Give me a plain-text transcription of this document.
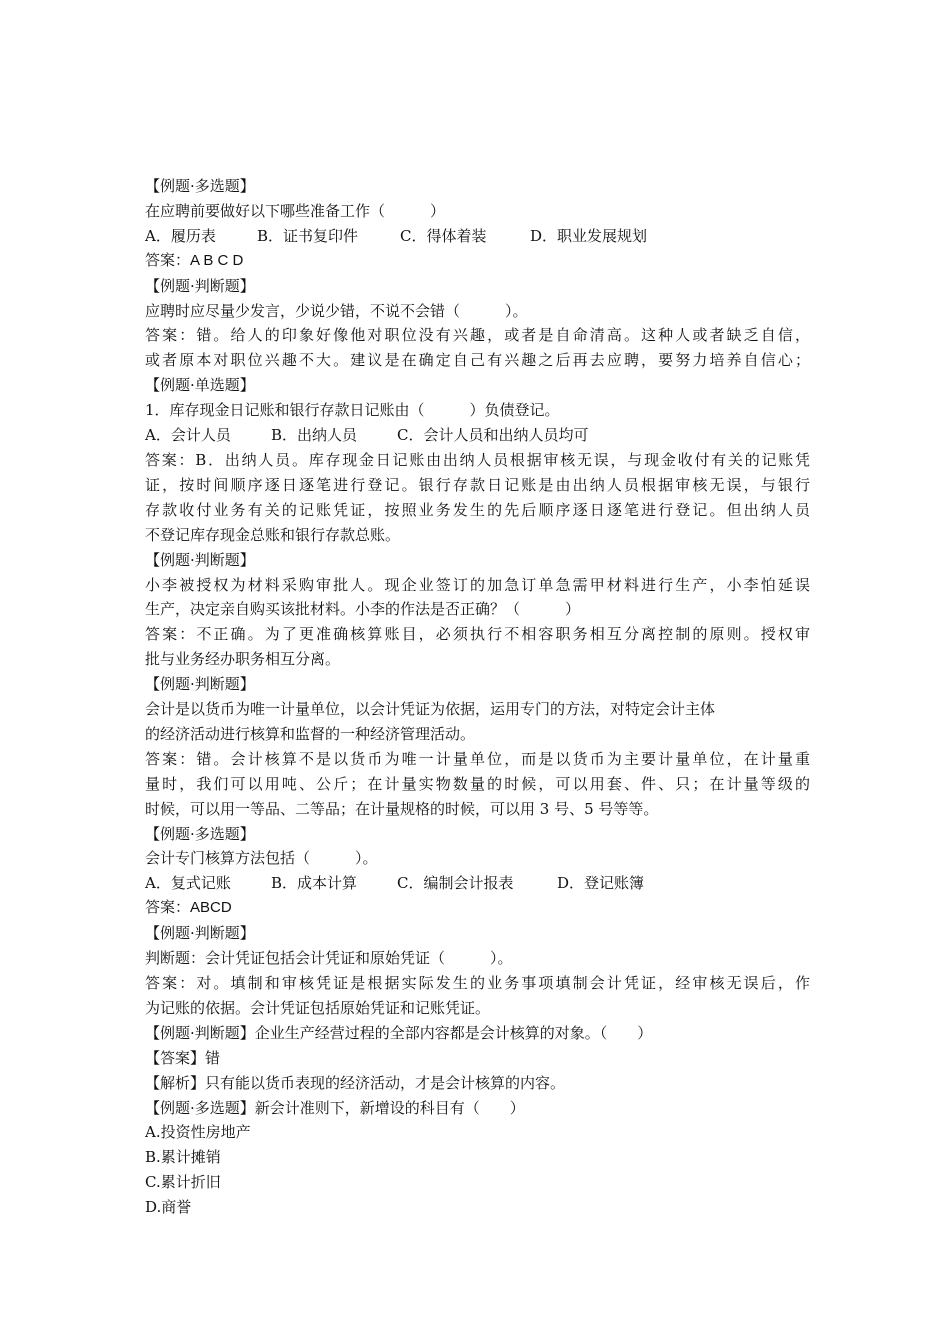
【例题·多选题】
在应聘前要做好以下哪些准备工作（　　　）
A．履历表	B．证书复印件	C．得体着装	D．职业发展规划
答案：A B C D
【例题·判断题】
应聘时应尽量少发言，少说少错，不说不会错（　　　）。
答案：错。给人的印象好像他对职位没有兴趣，或者是自命清高。这种人或者缺乏自信，
或者原本对职位兴趣不大。建议是在确定自己有兴趣之后再去应聘，要努力培养自信心；
【例题·单选题】
1．库存现金日记账和银行存款日记账由（　　　）负债登记。
A．会计人员	B．出纳人员	C．会计人员和出纳人员均可
答案：B．出纳人员。库存现金日记账由出纳人员根据审核无误，与现金收付有关的记账凭
证，按时间顺序逐日逐笔进行登记。银行存款日记账是由出纳人员根据审核无误，与银行
存款收付业务有关的记账凭证，按照业务发生的先后顺序逐日逐笔进行登记。但出纳人员
不登记库存现金总账和银行存款总账。
【例题·判断题】
小李被授权为材料采购审批人。现企业签订的加急订单急需甲材料进行生产，小李怕延误
生产，决定亲自购买该批材料。小李的作法是否正确？（　　　）
答案：不正确。为了更准确核算账目，必须执行不相容职务相互分离控制的原则。授权审
批与业务经办职务相互分离。
【例题·判断题】
会计是以货币为唯一计量单位，以会计凭证为依据，运用专门的方法，对特定会计主体
的经济活动进行核算和监督的一种经济管理活动。
答案：错。会计核算不是以货币为唯一计量单位，而是以货币为主要计量单位，在计量重
量时，我们可以用吨、公斤；在计量实物数量的时候，可以用套、件、只；在计量等级的
时候，可以用一等品、二等品；在计量规格的时候，可以用 3 号、5 号等等。
【例题·多选题】
会计专门核算方法包括（　　　）。
A．复式记账	B．成本计算	C．编制会计报表	D．登记账簿
答案：ABCD
【例题·判断题】
判断题：会计凭证包括会计凭证和原始凭证（　　　）。
答案：对。填制和审核凭证是根据实际发生的业务事项填制会计凭证，经审核无误后，作
为记账的依据。会计凭证包括原始凭证和记账凭证。
【例题·判断题】企业生产经营过程的全部内容都是会计核算的对象。（　　）
【答案】错
【解析】只有能以货币表现的经济活动，才是会计核算的内容。
【例题·多选题】新会计准则下，新增设的科目有（　　）
A.投资性房地产
B.累计摊销
C.累计折旧
D.商誉
